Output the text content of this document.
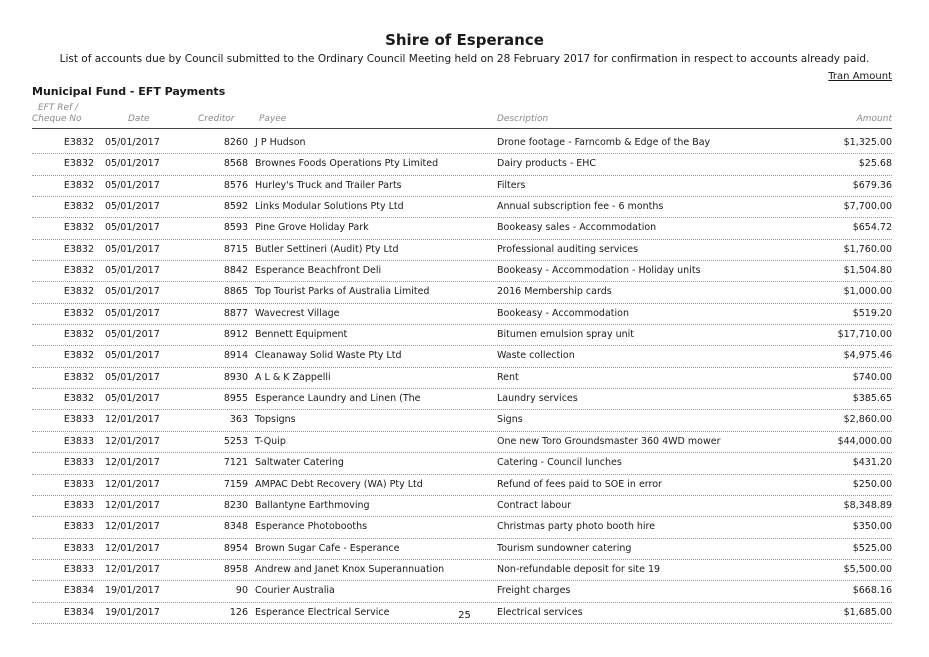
Shire of Esperance
List of accounts due by Council submitted to the Ordinary Council Meeting held on 28 February 2017 for confirmation in respect to accounts already paid.
Tran Amount
Municipal Fund - EFT Payments
EFT Ref /
Cheque No	Date	Creditor	Payee	Description	Amount
E3832 05/01/2017	8260 J P Hudson	Drone footage - Farncomb & Edge of the Bay	$1,325.00
E3832 05/01/2017	8568 Brownes Foods Operations Pty Limited	Dairy products - EHC	$25.68
E3832 05/01/2017	8576 Hurley's Truck and Trailer Parts	Filters	$679.36
E3832 05/01/2017	8592 Links Modular Solutions Pty Ltd	Annual subscription fee - 6 months	$7,700.00
E3832 05/01/2017	8593 Pine Grove Holiday Park	Bookeasy sales - Accommodation	$654.72
E3832 05/01/2017	8715 Butler Settineri (Audit) Pty Ltd	Professional auditing services	$1,760.00
E3832 05/01/2017	8842 Esperance Beachfront Deli	Bookeasy - Accommodation - Holiday units	$1,504.80
E3832 05/01/2017	8865 Top Tourist Parks of Australia Limited	2016 Membership cards	$1,000.00
E3832 05/01/2017	8877 Wavecrest Village	Bookeasy - Accommodation	$519.20
E3832 05/01/2017	8912 Bennett Equipment	Bitumen emulsion spray unit	$17,710.00
E3832 05/01/2017	8914 Cleanaway Solid Waste Pty Ltd	Waste collection	$4,975.46
E3832 05/01/2017	8930 A L & K Zappelli	Rent	$740.00
E3832 05/01/2017	8955 Esperance Laundry and Linen (The	Laundry services	$385.65
E3833 12/01/2017	363 Topsigns	Signs	$2,860.00
E3833 12/01/2017	5253 T-Quip	One new Toro Groundsmaster 360 4WD mower	$44,000.00
E3833 12/01/2017	7121 Saltwater Catering	Catering - Council lunches	$431.20
E3833 12/01/2017	7159 AMPAC Debt Recovery (WA) Pty Ltd	Refund of fees paid to SOE in error	$250.00
E3833 12/01/2017	8230 Ballantyne Earthmoving	Contract labour	$8,348.89
E3833 12/01/2017	8348 Esperance Photobooths	Christmas party photo booth hire	$350.00
E3833 12/01/2017	8954 Brown Sugar Cafe - Esperance	Tourism sundowner catering	$525.00
E3833 12/01/2017	8958 Andrew and Janet Knox Superannuation	Non-refundable deposit for site 19	$5,500.00
E3834 19/01/2017	90 Courier Australia	Freight charges	$668.16
E3834 19/01/2017	126 Esperance Electrical Service	Electrical services	$1,685.00
25
